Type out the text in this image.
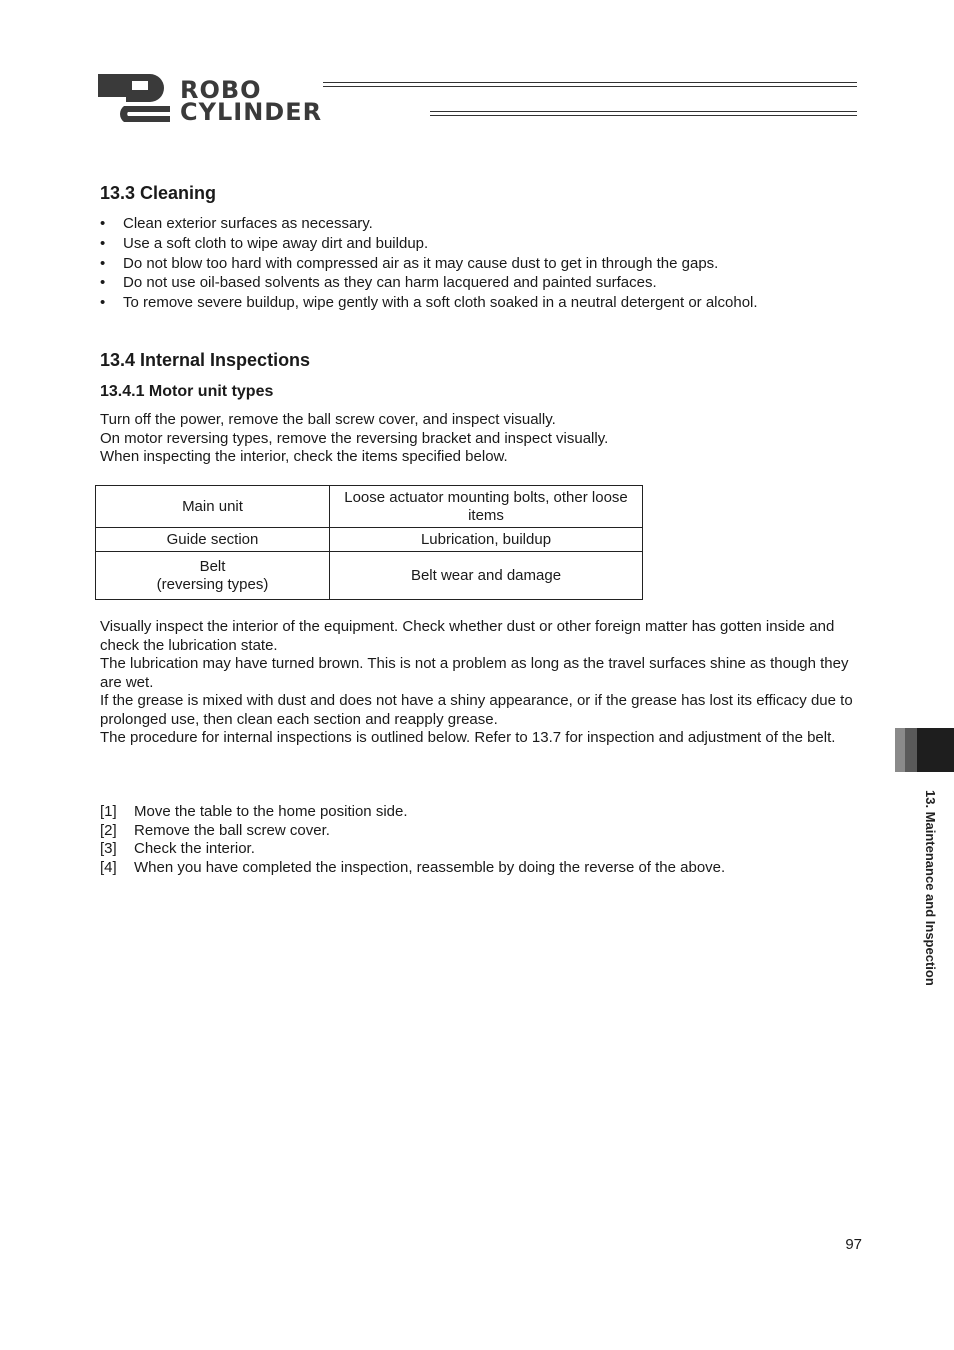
ROBO
CYLINDER
13.3 Cleaning
• Clean exterior surfaces as necessary.
• Use a soft cloth to wipe away dirt and buildup.
• Do not blow too hard with compressed air as it may cause dust to get in through the gaps.
• Do not use oil-based solvents as they can harm lacquered and painted surfaces.
• To remove severe buildup, wipe gently with a soft cloth soaked in a neutral detergent or alcohol.
13.4 Internal Inspections
13.4.1 Motor unit types
Turn off the power, remove the ball screw cover, and inspect visually.
On motor reversing types, remove the reversing bracket and inspect visually.
When inspecting the interior, check the items specified below.
Main unit	Loose actuator mounting bolts, other loose items
Guide section	Lubrication, buildup

Belt
(reversing types)	Belt wear and damage
Visually inspect the interior of the equipment. Check whether dust or other foreign matter has gotten inside and check the lubrication state.
The lubrication may have turned brown. This is not a problem as long as the travel surfaces shine as though they are wet.
If the grease is mixed with dust and does not have a shiny appearance, or if the grease has lost its efficacy due to prolonged use, then clean each section and reapply grease.
The procedure for internal inspections is outlined below. Refer to 13.7 for inspection and adjustment of the belt.
[1]	Move the table to the home position side.
[2]	Remove the ball screw cover.
[3]	Check the interior.
[4]	When you have completed the inspection, reassemble by doing the reverse of the above.	13. Maintenance and Inspection
97
